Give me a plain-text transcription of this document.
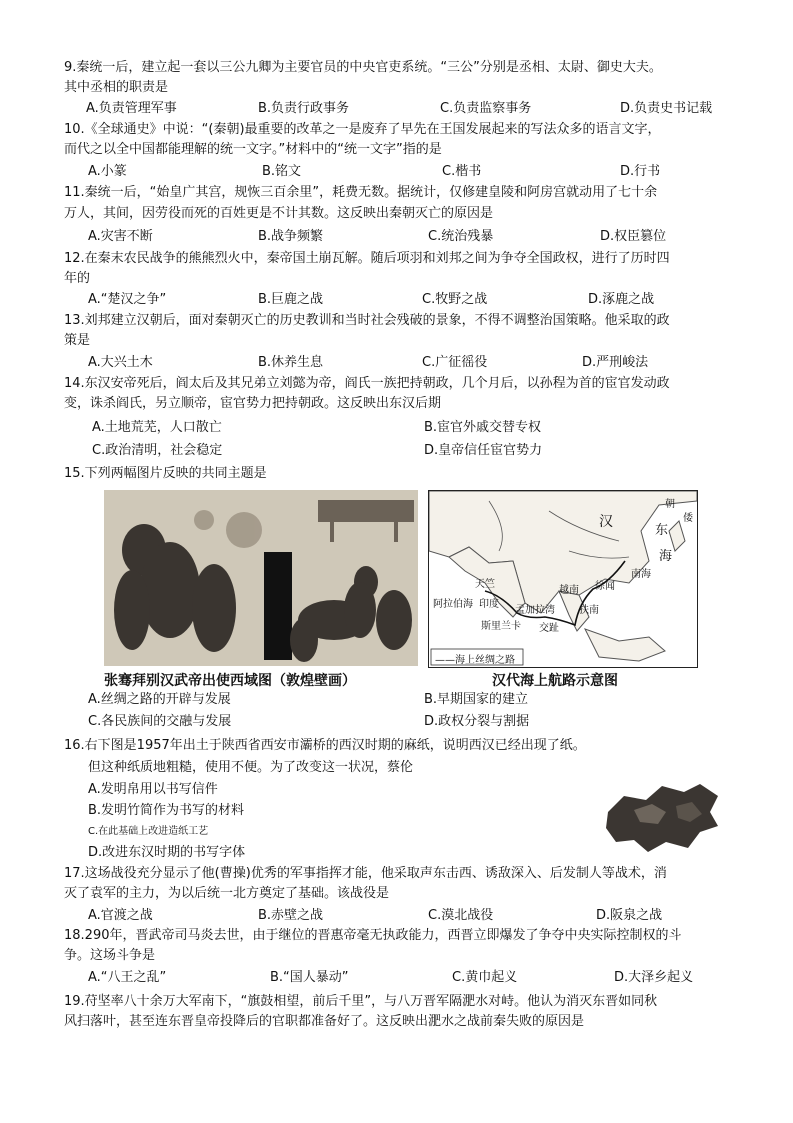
9.秦统一后，建立起一套以三公九卿为主要官员的中央官吏系统。“三公”分别是丞相、太尉、御史大夫。
其中丞相的职责是
A.负责管理军事	B.负责行政事务	C.负责监察事务	D.负责史书记载
10.《全球通史》中说：“(秦朝)最重要的改革之一是废弃了早先在王国发展起来的写法众多的语言文字，
而代之以全中国都能理解的统一文字。”材料中的“统一文字”指的是
A.小篆	B.铭文	C.楷书	D.行书
11.秦统一后，“始皇广其宫，规恢三百余里”，耗费无数。据统计，仅修建皇陵和阿房宫就动用了七十余
万人，其间，因劳役而死的百姓更是不计其数。这反映出秦朝灭亡的原因是
A.灾害不断	B.战争频繁	C.统治残暴	D.权臣篡位
12.在秦末农民战争的熊熊烈火中，秦帝国土崩瓦解。随后项羽和刘邦之间为争夺全国政权，进行了历时四
年的
A.“楚汉之争”	B.巨鹿之战	C.牧野之战	D.涿鹿之战
13.刘邦建立汉朝后，面对秦朝灭亡的历史教训和当时社会残破的景象，不得不调整治国策略。他采取的政
策是
A.大兴土木	B.休养生息	C.广征徭役	D.严刑峻法
14.东汉安帝死后，阎太后及其兄弟立刘懿为帝，阎氏一族把持朝政，几个月后，以孙程为首的宦官发动政
变，诛杀阎氏，另立顺帝，宦官势力把持朝政。这反映出东汉后期
A.土地荒芜，人口散亡	B.宦官外戚交替专权
C.政治清明，社会稳定	D.皇帝信任宦官势力
15.下列两幅图片反映的共同主题是
张骞拜别汉武帝出使西域图（敦煌壁画）
——海上丝绸之路
汉
东
海
南海
扶南
徐闻
天竺
印度
阿拉伯海
斯里兰卡 交趾
孟加拉湾
越南
朝
倭
汉代海上航路示意图
A.丝绸之路的开辟与发展	B.早期国家的建立
C.各民族间的交融与发展	D.政权分裂与割据
16.右下图是1957年出土于陕西省西安市灞桥的西汉时期的麻纸，说明西汉已经出现了纸。
但这种纸质地粗糙，使用不便。为了改变这一状况，蔡伦
A.发明帛用以书写信件
B.发明竹简作为书写的材料
C.在此基础上改进造纸工艺
D.改进东汉时期的书写字体
17.这场战役充分显示了他(曹操)优秀的军事指挥才能，他采取声东击西、诱敌深入、后发制人等战术，消
灭了袁军的主力，为以后统一北方奠定了基础。该战役是
A.官渡之战	B.赤壁之战	C.漠北战役	D.阪泉之战
18.290年，晋武帝司马炎去世，由于继位的晋惠帝毫无执政能力，西晋立即爆发了争夺中央实际控制权的斗
争。这场斗争是
A.“八王之乱”	B.“国人暴动”	C.黄巾起义	D.大泽乡起义
19.苻坚率八十余万大军南下，“旗鼓相望，前后千里”，与八万晋军隔淝水对峙。他认为消灭东晋如同秋
风扫落叶，甚至连东晋皇帝投降后的官职都准备好了。这反映出淝水之战前秦失败的原因是
